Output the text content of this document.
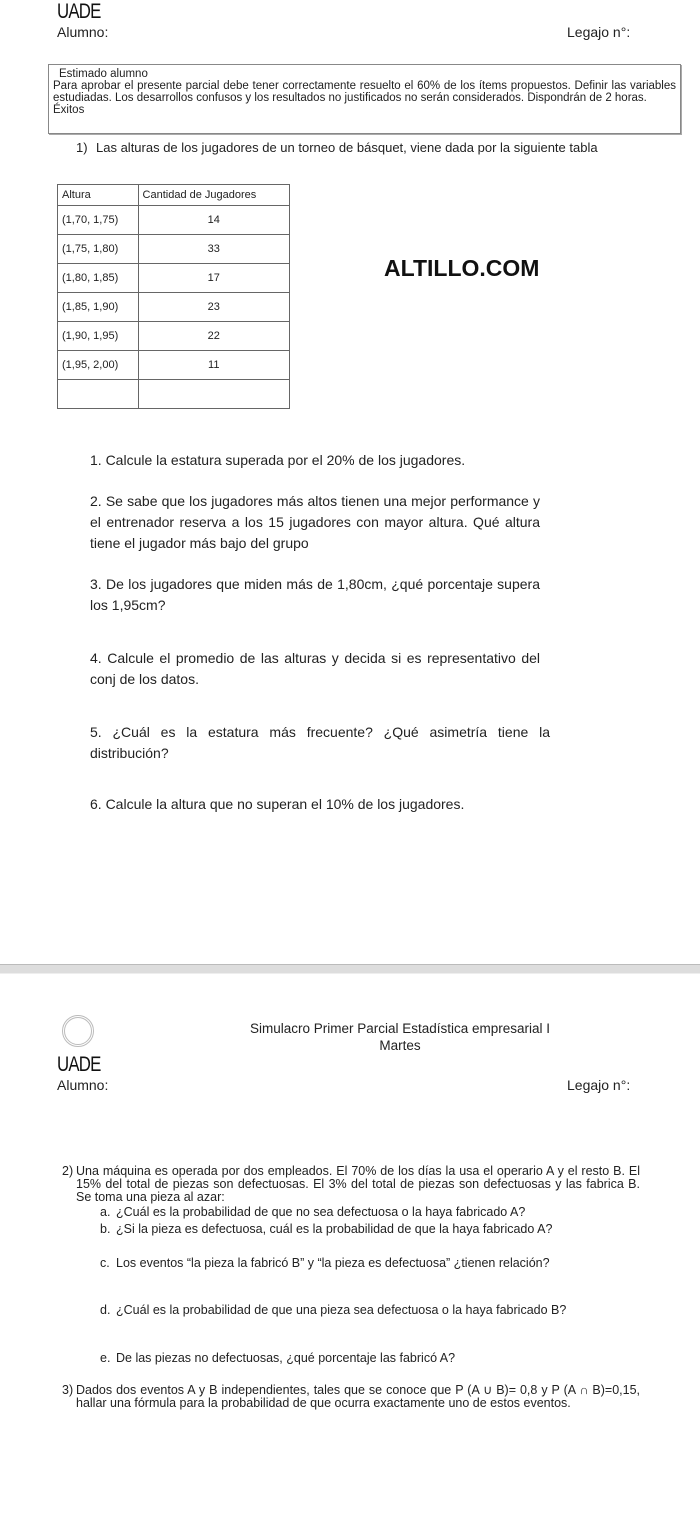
UADE
Alumno:	Legajo n°:
Estimado alumno
Para aprobar el presente parcial debe tener correctamente resuelto el 60% de los ítems propuestos. Definir las variables estudiadas. Los desarrollos confusos y los resultados no justificados no serán considerados. Dispondrán de 2 horas.
Éxitos
1) Las alturas de los jugadores de un torneo de básquet, viene dada por la siguiente tabla
Altura	Cantidad de Jugadores
(1,70, 1,75)	14
(1,75, 1,80)	33
(1,80, 1,85)	17
(1,85, 1,90)	23
(1,90, 1,95)	22
(1,95, 2,00)	11

ALTILLO.COM
1. Calcule la estatura superada por el 20% de los jugadores.
2. Se sabe que los jugadores más altos tienen una mejor performance y el entrenador reserva a los 15 jugadores con mayor altura. Qué altura tiene el jugador más bajo del grupo
3. De los jugadores que miden más de 1,80cm, ¿qué porcentaje supera los 1,95cm?
4. Calcule el promedio de las alturas y decida si es representativo del conj de los datos.
5. ¿Cuál es la estatura más frecuente? ¿Qué asimetría tiene la distribución?
6. Calcule la altura que no superan el 10% de los jugadores.
Simulacro Primer Parcial Estadística empresarial I
Martes
UADE
Alumno:	Legajo n°:
2) Una máquina es operada por dos empleados. El 70% de los días la usa el operario A y el resto B. El 15% del total de piezas son defectuosas. El 3% del total de piezas son defectuosas y las fabrica B. Se toma una pieza al azar:
a. ¿Cuál es la probabilidad de que no sea defectuosa o la haya fabricado A?
b. ¿Si la pieza es defectuosa, cuál es la probabilidad de que la haya fabricado A?
c. Los eventos “la pieza la fabricó B” y “la pieza es defectuosa” ¿tienen relación?
d. ¿Cuál es la probabilidad de que una pieza sea defectuosa o la haya fabricado B?
e. De las piezas no defectuosas, ¿qué porcentaje las fabricó A?
3) Dados dos eventos A y B independientes, tales que se conoce que P (A ∪ B)= 0,8 y P (A ∩ B)=0,15, hallar una fórmula para la probabilidad de que ocurra exactamente uno de estos eventos.
